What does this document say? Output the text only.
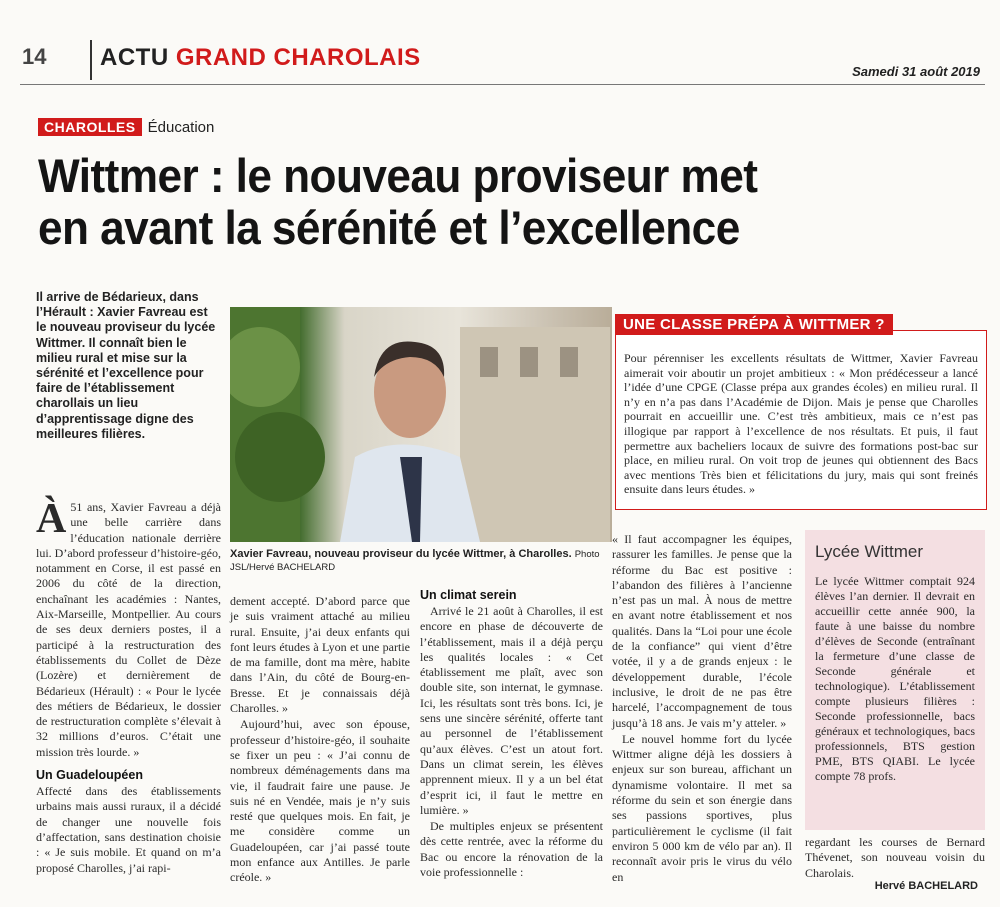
14 ACTU GRAND CHAROLAIS
Samedi 31 août 2019
CHAROLLES Éducation
Wittmer : le nouveau proviseur met
en avant la sérénité et l’excellence
Il arrive de Bédarieux, dans l’Hérault : Xavier Favreau est le nouveau proviseur du lycée Wittmer. Il connaît bien le milieu rural et mise sur la sérénité et l’excellence pour faire de l’établissement charollais un lieu d’apprentissage digne des meilleures filières.

À 51 ans, Xavier Favreau a déjà une belle carrière dans l’éducation nationale derrière lui. D’abord professeur d’histoire-géo, notamment en Corse, il est passé en 2006 du côté de la direction, enchaînant les académies : Nantes, Aix-Marseille, Montpellier. Au cours de ses deux derniers postes, il a participé à la restructuration des établissements du Collet de Dèze (Lozère) et dernièrement de Bédarieux (Hérault) : « Pour le lycée des métiers de Bédarieux, le dossier de restructuration complète s’élevait à 32 millions d’euros. C’était une mission très lourde. »

Un Guadeloupéen

Affecté dans des établissements urbains mais aussi ruraux, il a décidé de changer une nouvelle fois d’affectation, sans destination choisie : « Je suis mobile. Et quand on m’a proposé Charolles, j’ai rapi-

Xavier Favreau, nouveau proviseur du lycée Wittmer, à Charolles. Photo JSL/Hervé BACHELARD

dement accepté. D’abord parce que je suis vraiment attaché au milieu rural. Ensuite, j’ai deux enfants qui font leurs études à Lyon et une partie de ma famille, dont ma mère, habite dans l’Ain, du côté de Bourg-en-Bresse. Et je connaissais déjà Charolles. »

Aujourd’hui, avec son épouse, professeur d’histoire-géo, il souhaite se fixer un peu : « J’ai connu de nombreux déménagements dans ma vie, il faudrait faire une pause. Je suis né en Vendée, mais je n’y suis resté que quelques mois. En fait, je me considère comme un Guadeloupéen, car j’ai passé toute mon enfance aux Antilles. Je parle créole. »

Un climat serein

Arrivé le 21 août à Charolles, il est encore en phase de découverte de l’établissement, mais il a déjà perçu les qualités locales : « Cet établissement me plaît, avec son double site, son internat, le gymnase. Ici, les résultats sont très bons. Ici, je sens une sincère sérénité, offerte tant au personnel de l’établissement qu’aux élèves. C’est un atout fort. Dans un climat serein, les élèves apprennent mieux. Il y a un bel état d’esprit ici, il faut le mettre en lumière. »

De multiples enjeux se présentent dès cette rentrée, avec la réforme du Bac ou encore la rénovation de la voie professionnelle :

« Il faut accompagner les équipes, rassurer les familles. Je pense que la réforme du Bac est positive : l’abandon des filières à l’ancienne n’est pas un mal. À nous de mettre en avant notre établissement et nos qualités. Dans la “Loi pour une école de la confiance” qui vient d’être votée, il y a de grands enjeux : le développement durable, l’école inclusive, le droit de ne pas être harcelé, l’accompagnement de tous jusqu’à 18 ans. Je vais m’y atteler. »

Le nouvel homme fort du lycée Wittmer aligne déjà les dossiers à enjeux sur son bureau, affichant un dynamisme volontaire. Il met sa réforme du sein et son énergie dans ses passions sportives, plus particulièrement le cyclisme (il fait environ 5 000 km de vélo par an). Il reconnaît avoir pris le virus du vélo en

Pour pérenniser les excellents résultats de Wittmer, Xavier Favreau aimerait voir aboutir un projet ambitieux : « Mon prédécesseur a lancé l’idée d’une CPGE (Classe prépa aux grandes écoles) en milieu rural. Il n’y en n’a pas dans l’Académie de Dijon. Mais je pense que Charolles pourrait en accueillir une. C’est très ambitieux, mais ce n’est pas illogique par rapport à l’excellence de nos résultats. Et puis, il faut permettre aux bacheliers locaux de suivre des formations post-bac sur place, en milieu rural. On voit trop de jeunes qui obtiennent des Bacs avec mentions Très bien et félicitations du jury, mais qui sont freinés ensuite dans leurs études. »
UNE CLASSE PRÉPA À WITTMER ?
Lycée Wittmer
Le lycée Wittmer comptait 924 élèves l’an dernier. Il devrait en accueillir cette année 900, la faute à une baisse du nombre d’élèves de Seconde (entraînant la fermeture d’une classe de Seconde générale et technologique). L’établissement compte plusieurs filières : Seconde professionnelle, bacs généraux et technologiques, bacs professionnels, BTS gestion PME, BTS QIABI. Le lycée compte 78 profs.
regardant les courses de Bernard Thévenet, son nouveau voisin du Charolais.
Hervé BACHELARD
